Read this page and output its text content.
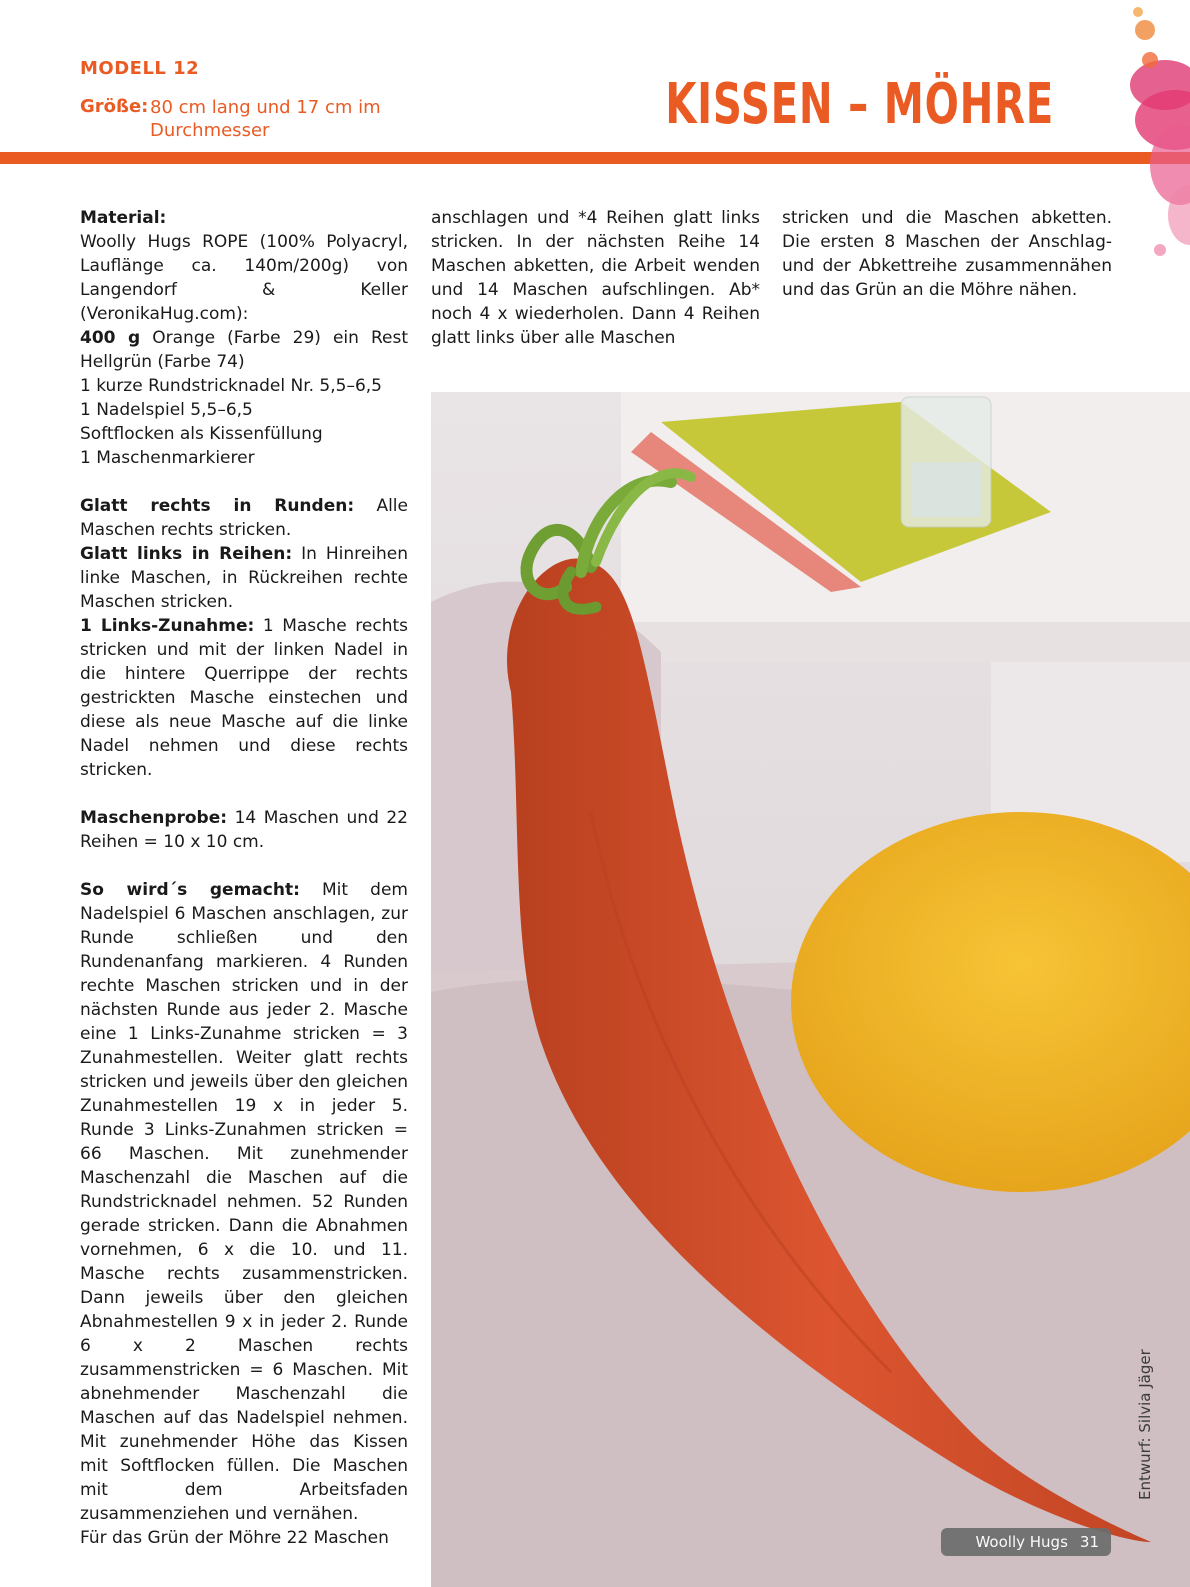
MODELL 12
Größe: 80 cm lang und 17 cm im Durchmesser	KISSEN – MÖHRE

Material:

Woolly Hugs ROPE (100% Polyacryl, Lauflänge ca. 140m/200g) von Langendorf & Keller (VeronikaHug.com):

400 g Orange (Farbe 29) ein Rest Hellgrün (Farbe 74)

1 kurze Rundstricknadel Nr. 5,5–6,5

1 Nadelspiel 5,5–6,5

Softflocken als Kissenfüllung

1 Maschenmarkierer

Glatt rechts in Runden: Alle Maschen rechts stricken.

Glatt links in Reihen: In Hinreihen linke Maschen, in Rückreihen rechte Maschen stricken.

1 Links-Zunahme: 1 Masche rechts stricken und mit der linken Nadel in die hintere Querrippe der rechts gestrickten Masche einstechen und diese als neue Masche auf die linke Nadel nehmen und diese rechts stricken.

Maschenprobe: 14 Maschen und 22 Reihen = 10 x 10 cm.

So wird´s gemacht: Mit dem Nadelspiel 6 Maschen anschlagen, zur Runde schließen und den Rundenanfang markieren. 4 Runden rechte Maschen stricken und in der nächsten Runde aus jeder 2. Masche eine 1 Links-Zunahme stricken = 3 Zunahmestellen. Weiter glatt rechts stricken und jeweils über den gleichen Zunahmestellen 19 x in jeder 5. Runde 3 Links-Zunahmen stricken = 66 Maschen. Mit zunehmender Maschenzahl die Maschen auf die Rundstricknadel nehmen. 52 Runden gerade stricken. Dann die Abnahmen vornehmen, 6 x die 10. und 11. Masche rechts zusammenstricken. Dann jeweils über den gleichen Abnahmestellen 9 x in jeder 2. Runde 6 x 2 Maschen rechts zusammenstricken = 6 Maschen. Mit abnehmender Maschenzahl die Maschen auf das Nadelspiel nehmen. Mit zunehmender Höhe das Kissen mit Softflocken füllen. Die Maschen mit dem Arbeitsfaden zusammenziehen und vernähen.

Für das Grün der Möhre 22 Maschen

anschlagen und *4 Reihen glatt links stricken. In der nächsten Reihe 14 Maschen abketten, die Arbeit wenden und 14 Maschen aufschlingen. Ab* noch 4 x wiederholen. Dann 4 Reihen glatt links über alle Maschen

stricken und die Maschen abketten. Die ersten 8 Maschen der Anschlag- und der Abkettreihe zusammennähen und das Grün an die Möhre nähen.

Entwurf: Silvia Jäger
Woolly Hugs 31
